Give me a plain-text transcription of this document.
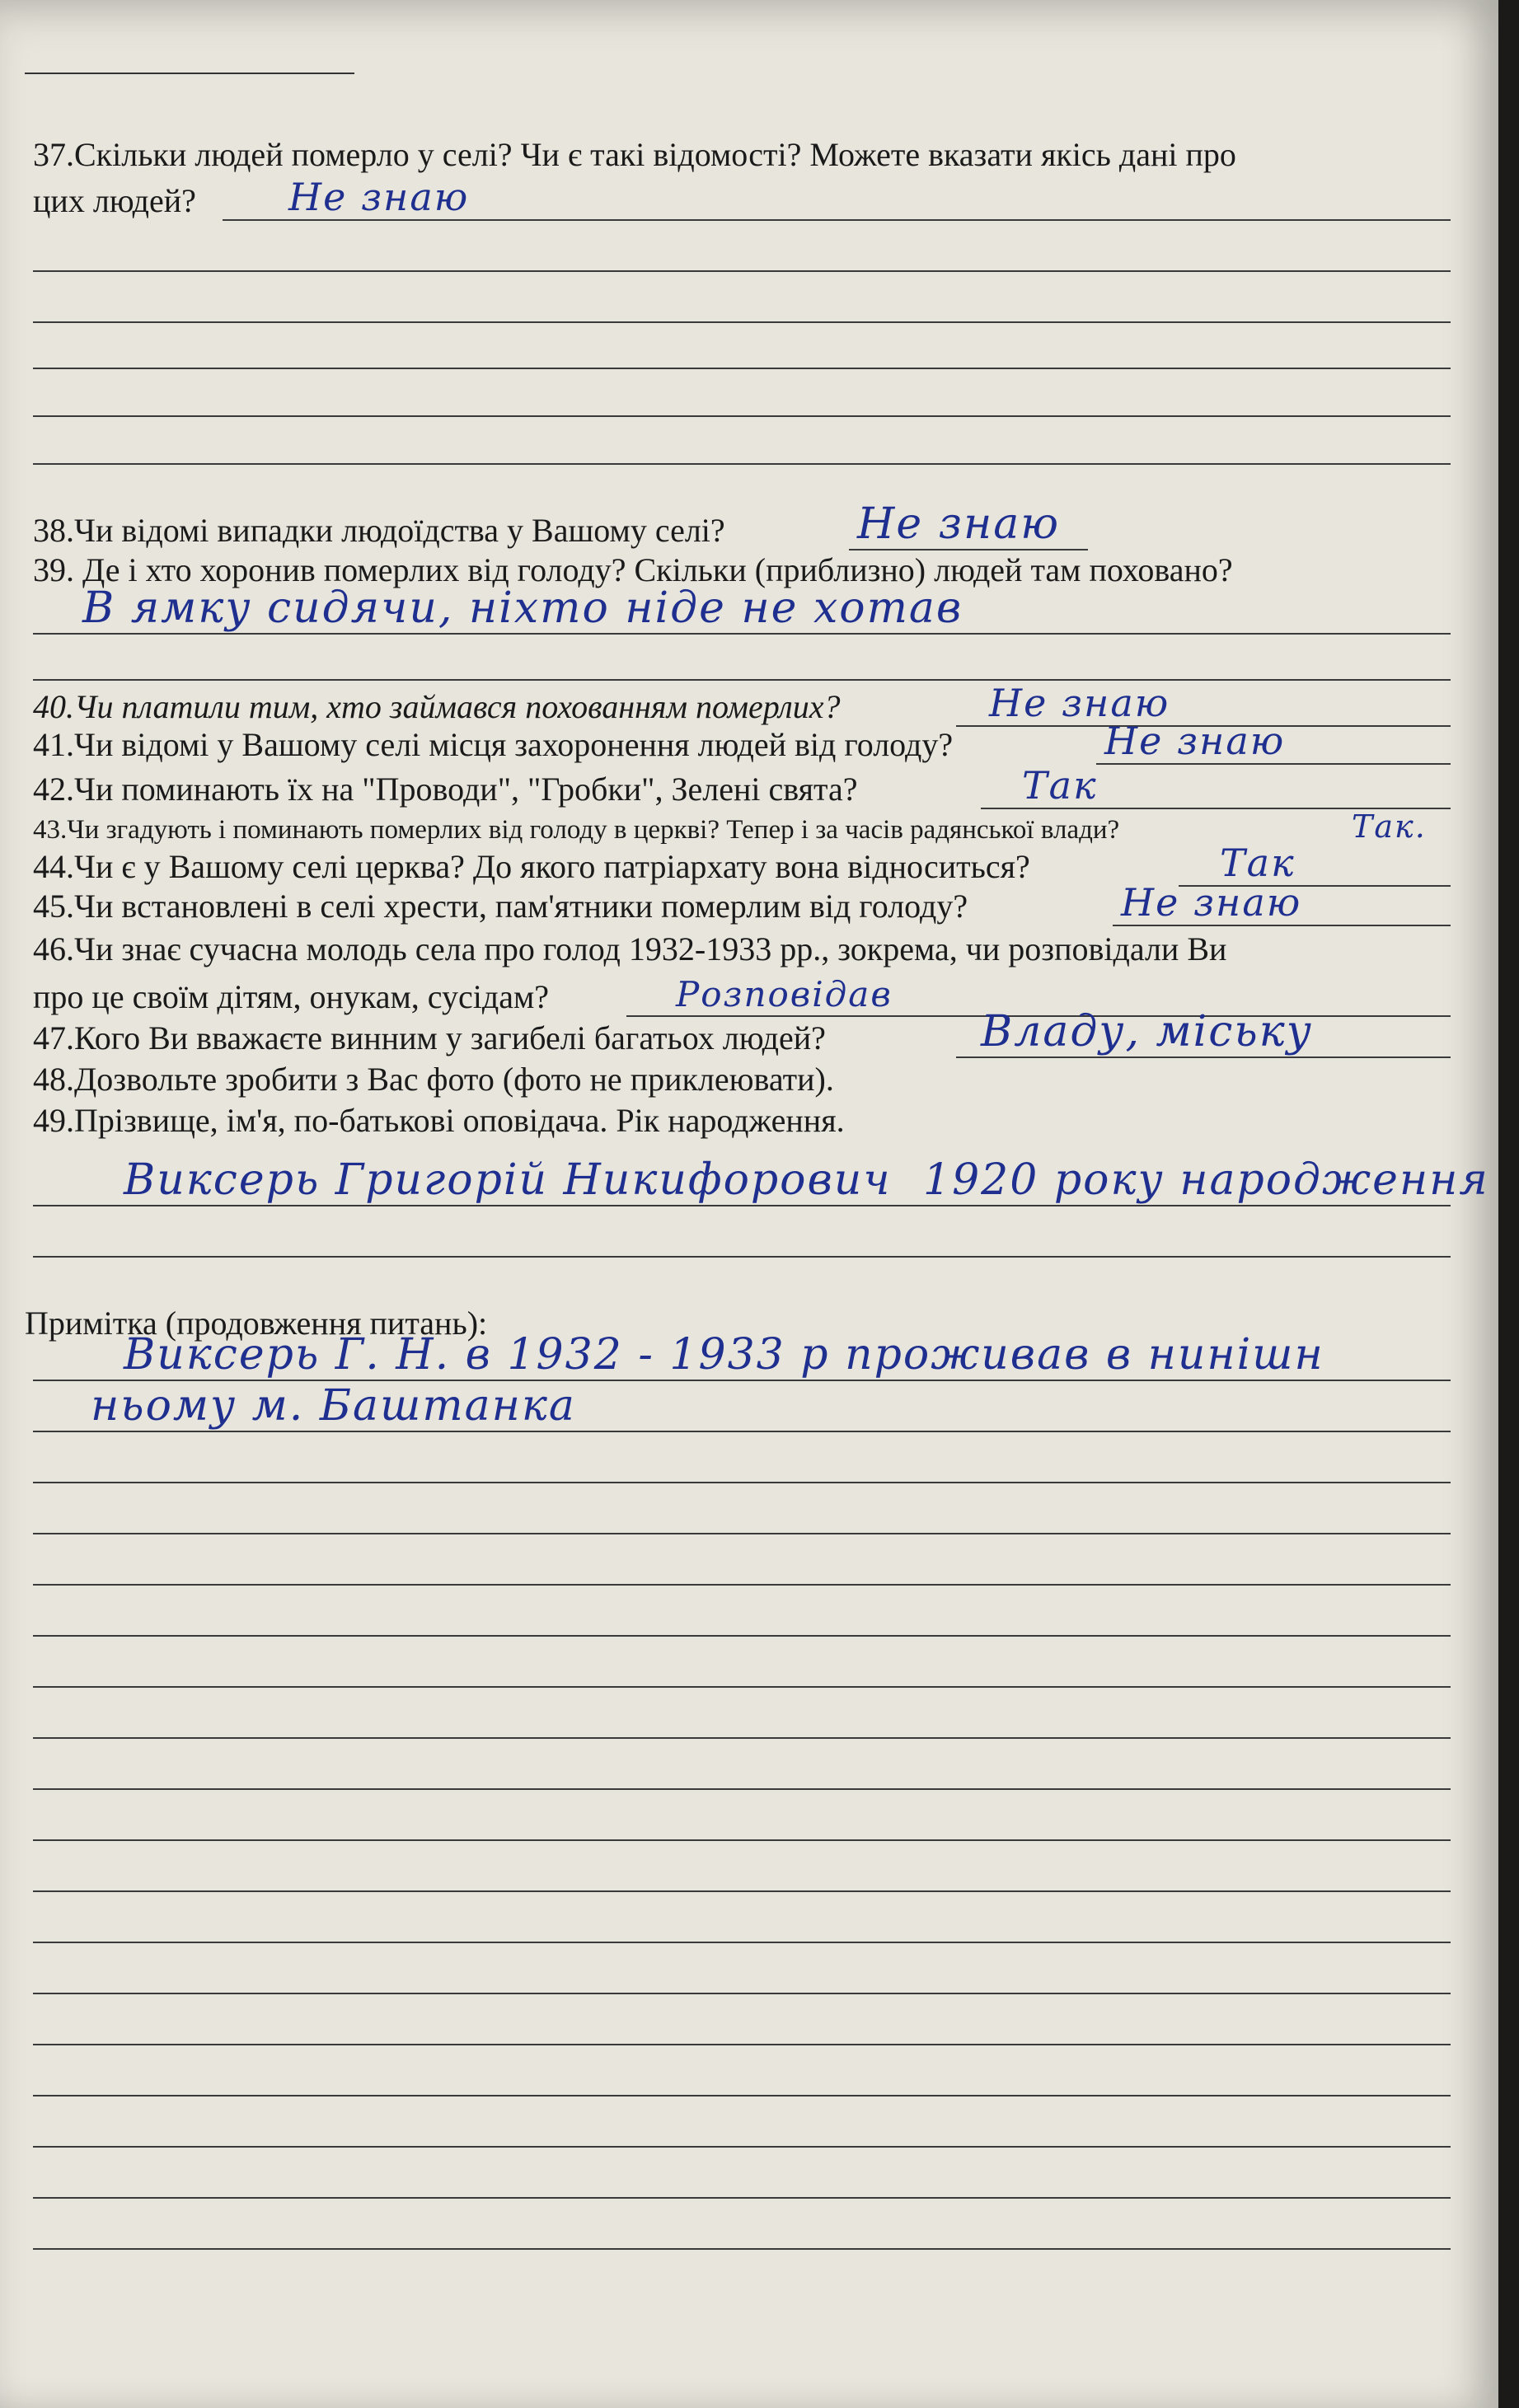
37.Скільки людей померло у селі? Чи є такі відомості? Можете вказати якісь дані про
цих людей? Не знаю
38.Чи відомі випадки людоїдства у Вашому селі?	Не знаю
39. Де і хто хоронив померлих від голоду? Скільки (приблизно) людей там поховано?
В ямку сидячи, ніхто ніде не хотав
40.Чи платили тим, хто займався похованням померлих?	Не знаю
41.Чи відомі у Вашому селі місця захоронення людей від голоду?	Не знаю
42.Чи поминають їх на "Проводи", "Гробки", Зелені свята?	Так
43.Чи згадують і поминають померлих від голоду в церкві? Тепер і за часів радянської влади?	Так.
44.Чи є у Вашому селі церква? До якого патріархату вона відноситься?	Так
45.Чи встановлені в селі хрести, пам'ятники померлим від голоду?	Не знаю
46.Чи знає сучасна молодь села про голод 1932-1933 рр., зокрема, чи розповідали Ви
про це своїм дітям, онукам, сусідам?	Розповідав
47.Кого Ви вважаєте винним у загибелі багатьох людей?	Владу, міську
48.Дозвольте зробити з Вас фото (фото не приклеювати).
49.Прізвище, ім'я, по-батькові оповідача. Рік народження.
Виксерь Григорій Никифорович 1920 року народження
Примітка (продовження питань):
Виксерь Г. Н. в 1932 - 1933 р проживав в нинішн
ньому м. Баштанка
